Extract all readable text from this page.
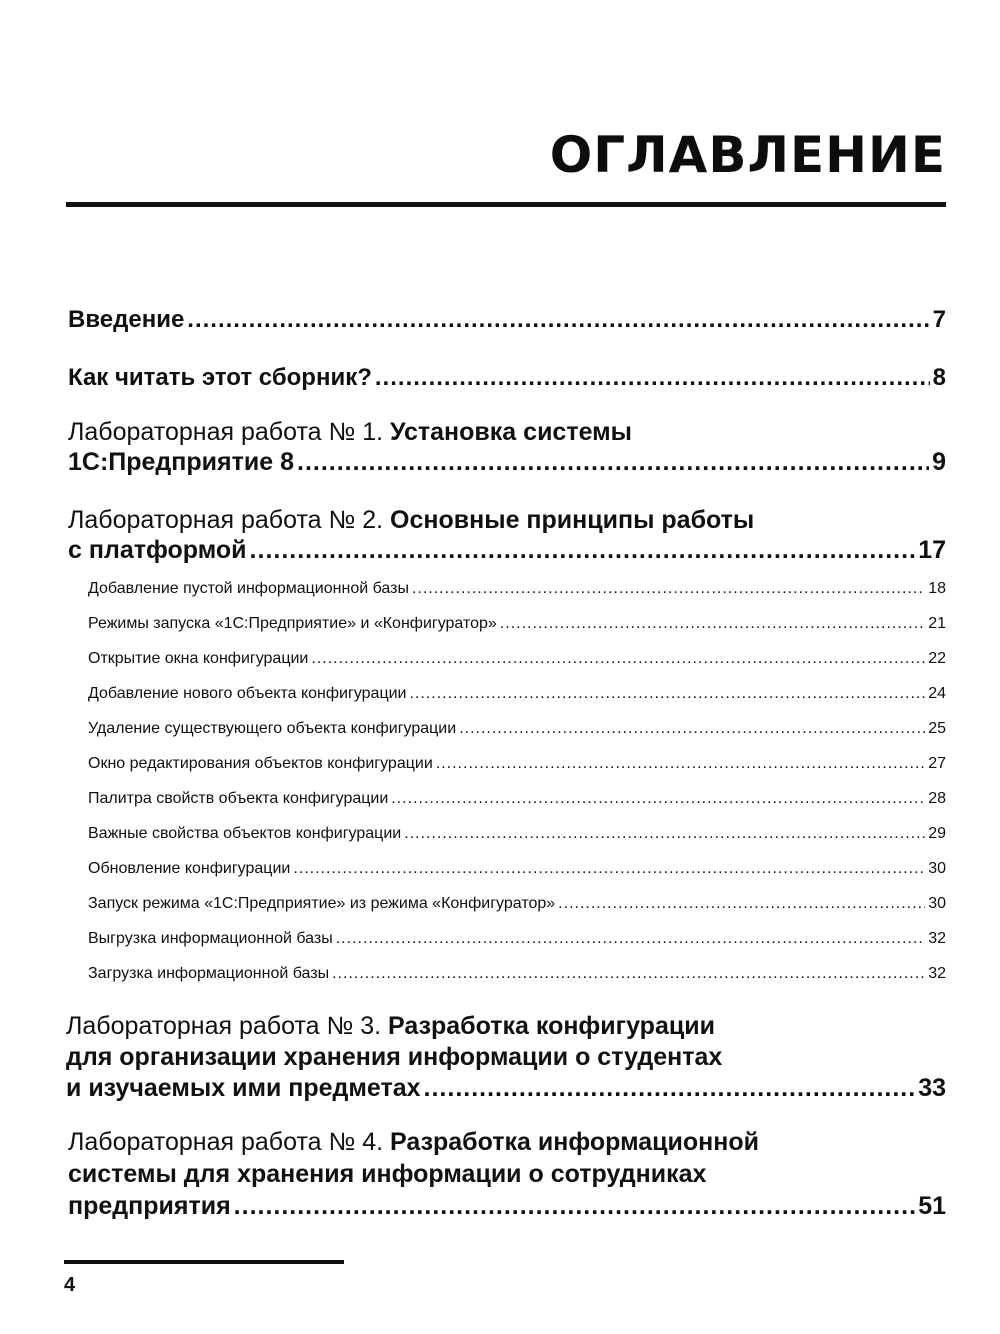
ОГЛАВЛЕНИЕ
Введение .....	7
Как читать этот сборник? .....	8
Лабораторная работа № 1. Установка системы
1С:Предприятие 8 .....	9
Лабораторная работа № 2. Основные принципы работы
с платформой .....	17
Добавление пустой информационной базы .....	18
Режимы запуска «1С:Предприятие» и «Конфигуратор» .....	21
Открытие окна конфигурации .....	22
Добавление нового объекта конфигурации .....	24
Удаление существующего объекта конфигурации .....	25
Окно редактирования объектов конфигурации .....	27
Палитра свойств объекта конфигурации .....	28
Важные свойства объектов конфигурации .....	29
Обновление конфигурации .....	30
Запуск режима «1С:Предприятие» из режима «Конфигуратор» .....	30
Выгрузка информационной базы .....	32
Загрузка информационной базы .....	32
Лабораторная работа № 3. Разработка конфигурации
для организации хранения информации о студентах
и изучаемых ими предметах .....	33
Лабораторная работа № 4. Разработка информационной
системы для хранения информации о сотрудниках
предприятия .....	51
4
